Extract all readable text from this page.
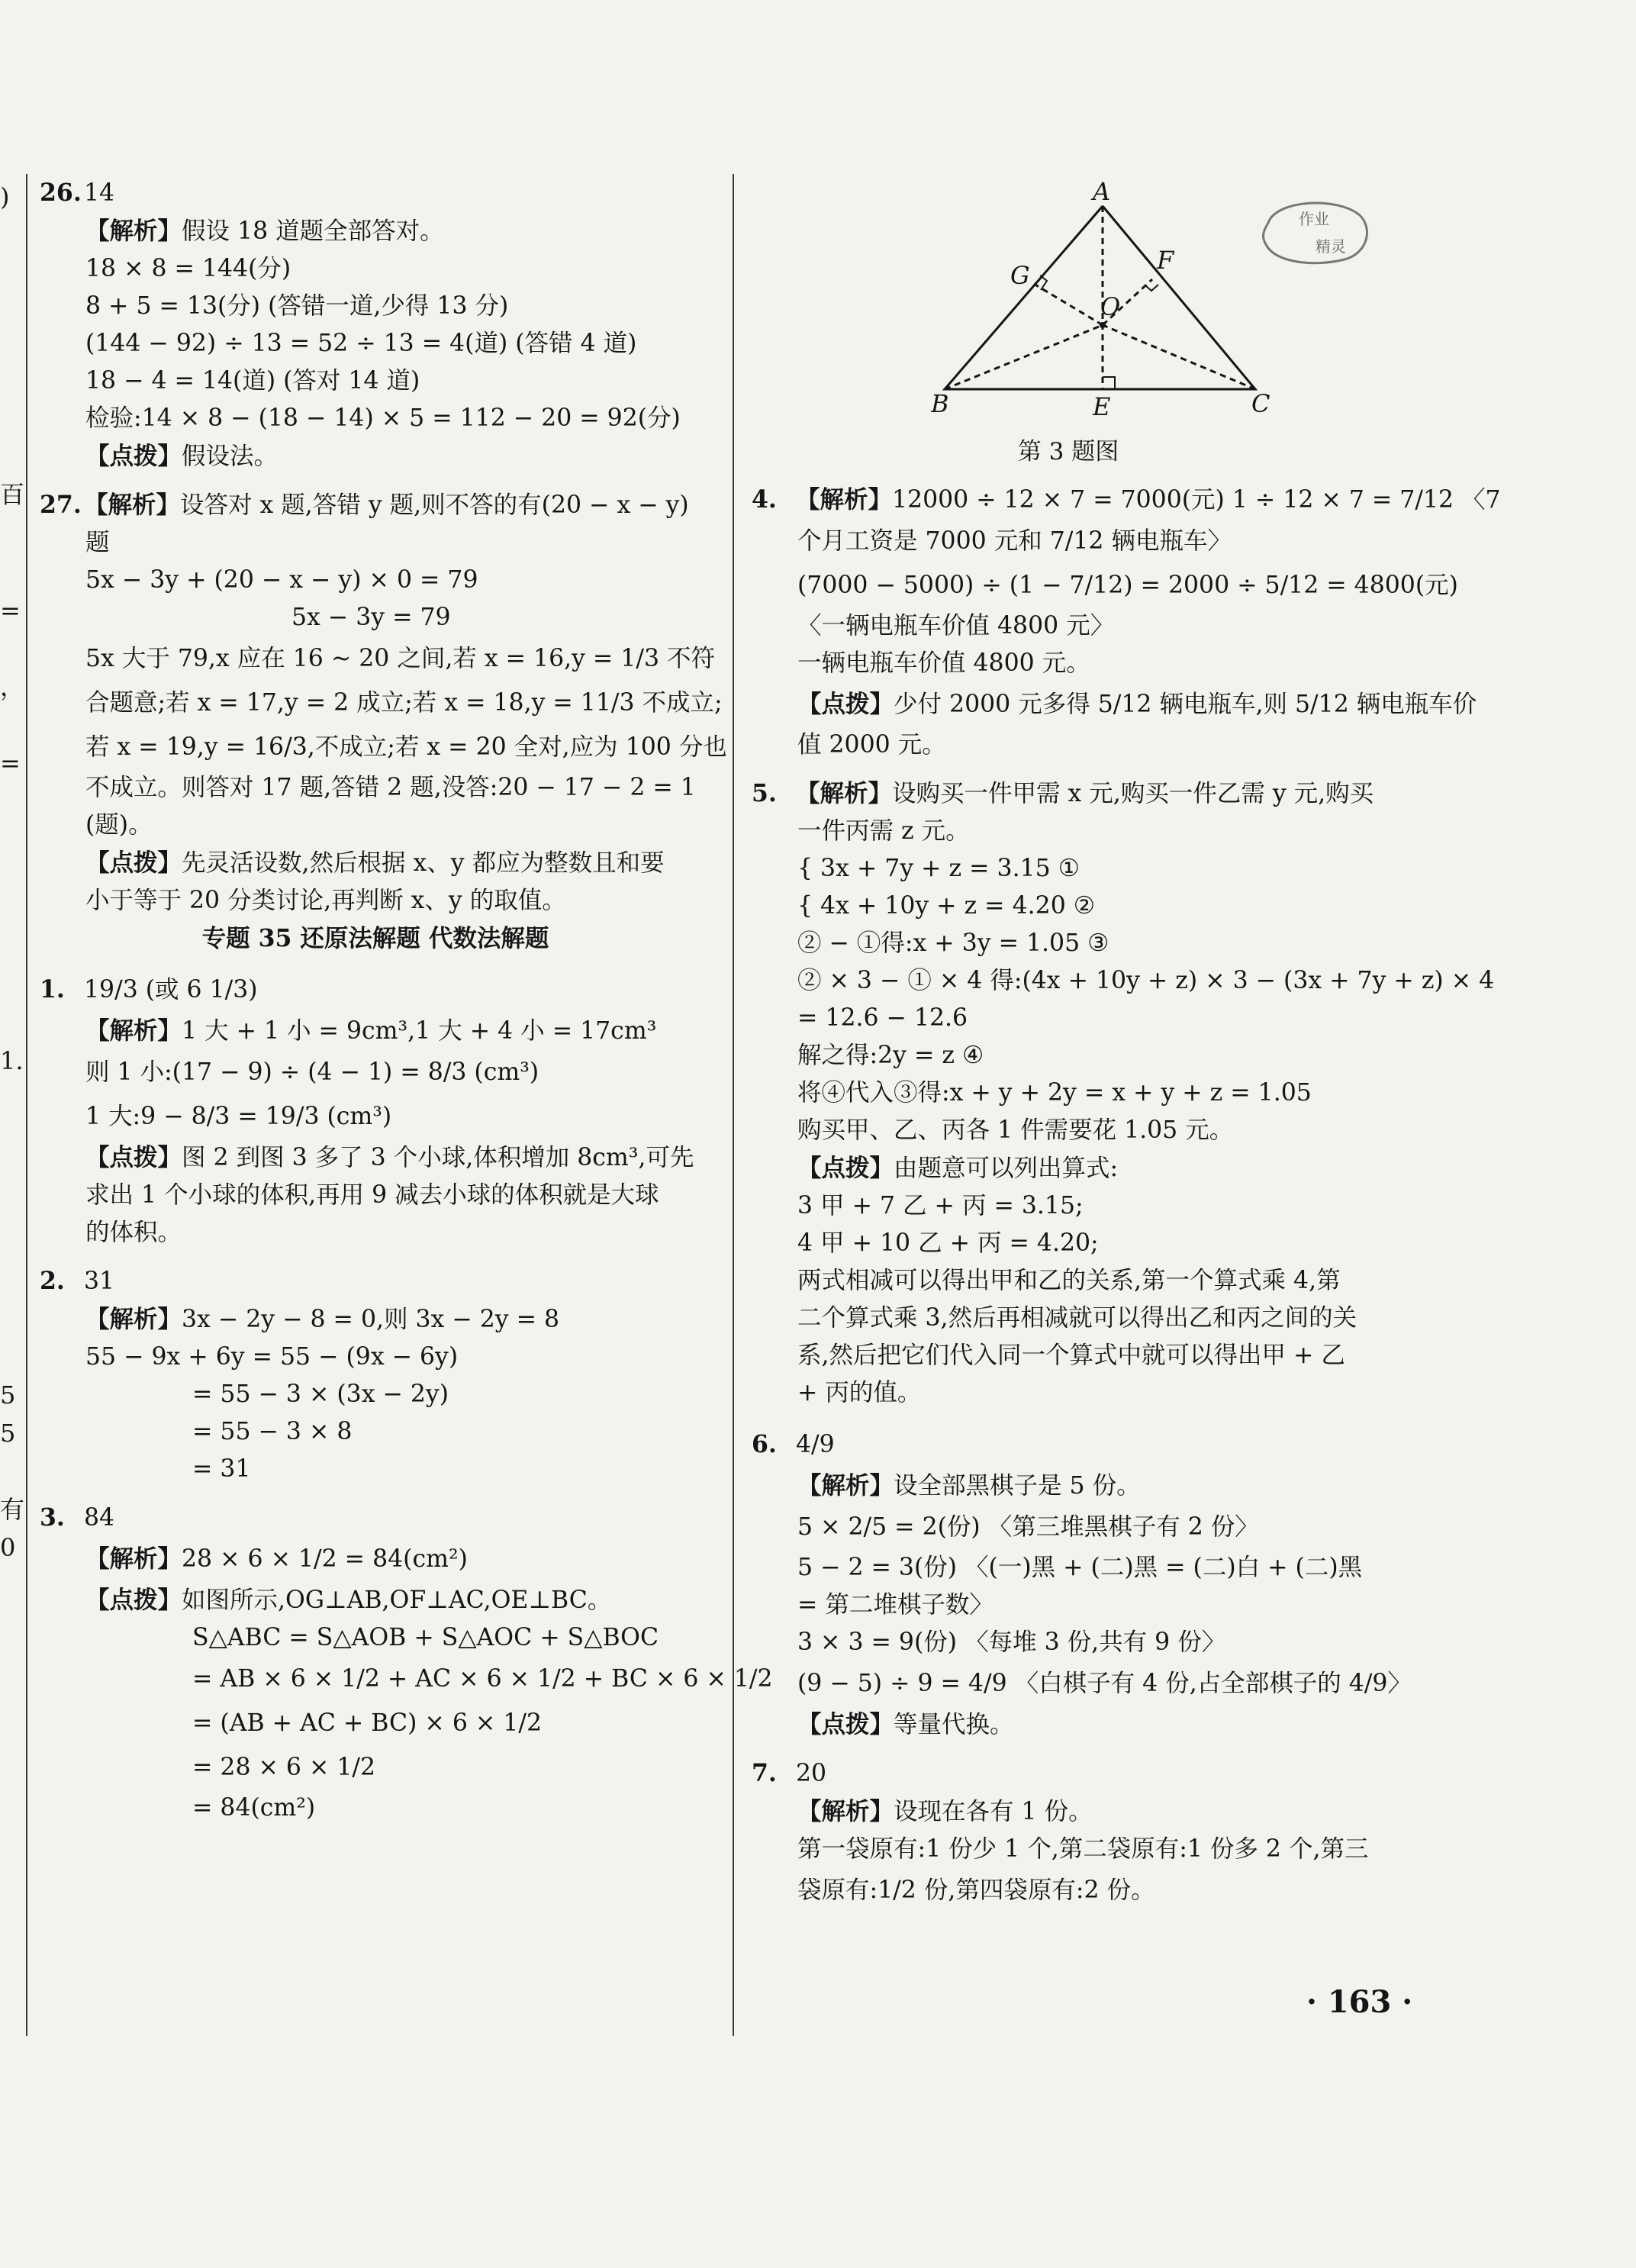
)
百
=
，
=
1.
5
5
有
0
26. 14
【解析】假设 18 道题全部答对。
18 × 8 = 144(分)
8 + 5 = 13(分) (答错一道,少得 13 分)
(144 − 92) ÷ 13 = 52 ÷ 13 = 4(道) (答错 4 道)
18 − 4 = 14(道) (答对 14 道)
检验:14 × 8 − (18 − 14) × 5 = 112 − 20 = 92(分)
【点拨】假设法。
27. 【解析】设答对 x 题,答错 y 题,则不答的有(20 − x − y)
题
5x − 3y + (20 − x − y) × 0 = 79
5x − 3y = 79
5x 大于 79,x 应在 16 ~ 20 之间,若 x = 16,y = 1/3 不符
合题意;若 x = 17,y = 2 成立;若 x = 18,y = 11/3 不成立;
若 x = 19,y = 16/3,不成立;若 x = 20 全对,应为 100 分也
不成立。则答对 17 题,答错 2 题,没答:20 − 17 − 2 = 1
(题)。
【点拨】先灵活设数,然后根据 x、y 都应为整数且和要
小于等于 20 分类讨论,再判断 x、y 的取值。
专题 35 还原法解题 代数法解题
1. 19/3 (或 6 1/3)
【解析】1 大 + 1 小 = 9cm³,1 大 + 4 小 = 17cm³
则 1 小:(17 − 9) ÷ (4 − 1) = 8/3 (cm³)
1 大:9 − 8/3 = 19/3 (cm³)
【点拨】图 2 到图 3 多了 3 个小球,体积增加 8cm³,可先
求出 1 个小球的体积,再用 9 减去小球的体积就是大球
的体积。
2. 31
【解析】3x − 2y − 8 = 0,则 3x − 2y = 8
55 − 9x + 6y = 55 − (9x − 6y)
= 55 − 3 × (3x − 2y)
= 55 − 3 × 8
= 31
3. 84
【解析】28 × 6 × 1/2 = 84(cm²)
【点拨】如图所示,OG⊥AB,OF⊥AC,OE⊥BC。
S△ABC = S△AOB + S△AOC + S△BOC
= AB × 6 × 1/2 + AC × 6 × 1/2 + BC × 6 × 1/2
= (AB + AC + BC) × 6 × 1/2
= 28 × 6 × 1/2
= 84(cm²)
4. 【解析】12000 ÷ 12 × 7 = 7000(元) 1 ÷ 12 × 7 = 7/12 〈7
个月工资是 7000 元和 7/12 辆电瓶车〉
(7000 − 5000) ÷ (1 − 7/12) = 2000 ÷ 5/12 = 4800(元)
〈一辆电瓶车价值 4800 元〉
一辆电瓶车价值 4800 元。
【点拨】少付 2000 元多得 5/12 辆电瓶车,则 5/12 辆电瓶车价
值 2000 元。
5. 【解析】设购买一件甲需 x 元,购买一件乙需 y 元,购买
一件丙需 z 元。
{ 3x + 7y + z = 3.15 ①
{ 4x + 10y + z = 4.20 ②
② − ①得:x + 3y = 1.05 ③
② × 3 − ① × 4 得:(4x + 10y + z) × 3 − (3x + 7y + z) × 4
= 12.6 − 12.6
解之得:2y = z ④
将④代入③得:x + y + 2y = x + y + z = 1.05
购买甲、乙、丙各 1 件需要花 1.05 元。
【点拨】由题意可以列出算式:
3 甲 + 7 乙 + 丙 = 3.15;
4 甲 + 10 乙 + 丙 = 4.20;
两式相减可以得出甲和乙的关系,第一个算式乘 4,第
二个算式乘 3,然后再相减就可以得出乙和丙之间的关
系,然后把它们代入同一个算式中就可以得出甲 + 乙
+ 丙的值。
6. 4/9
【解析】设全部黑棋子是 5 份。
5 × 2/5 = 2(份) 〈第三堆黑棋子有 2 份〉
5 − 2 = 3(份) 〈(一)黑 + (二)黑 = (二)白 + (二)黑
= 第二堆棋子数〉
3 × 3 = 9(份) 〈每堆 3 份,共有 9 份〉
(9 − 5) ÷ 9 = 4/9 〈白棋子有 4 份,占全部棋子的 4/9〉
【点拨】等量代换。
7. 20
【解析】设现在各有 1 份。
第一袋原有:1 份少 1 个,第二袋原有:1 份多 2 个,第三
袋原有:1/2 份,第四袋原有:2 份。
A
B	C
E
F
G
O
第 3 题图
作业
精灵
· 163 ·
